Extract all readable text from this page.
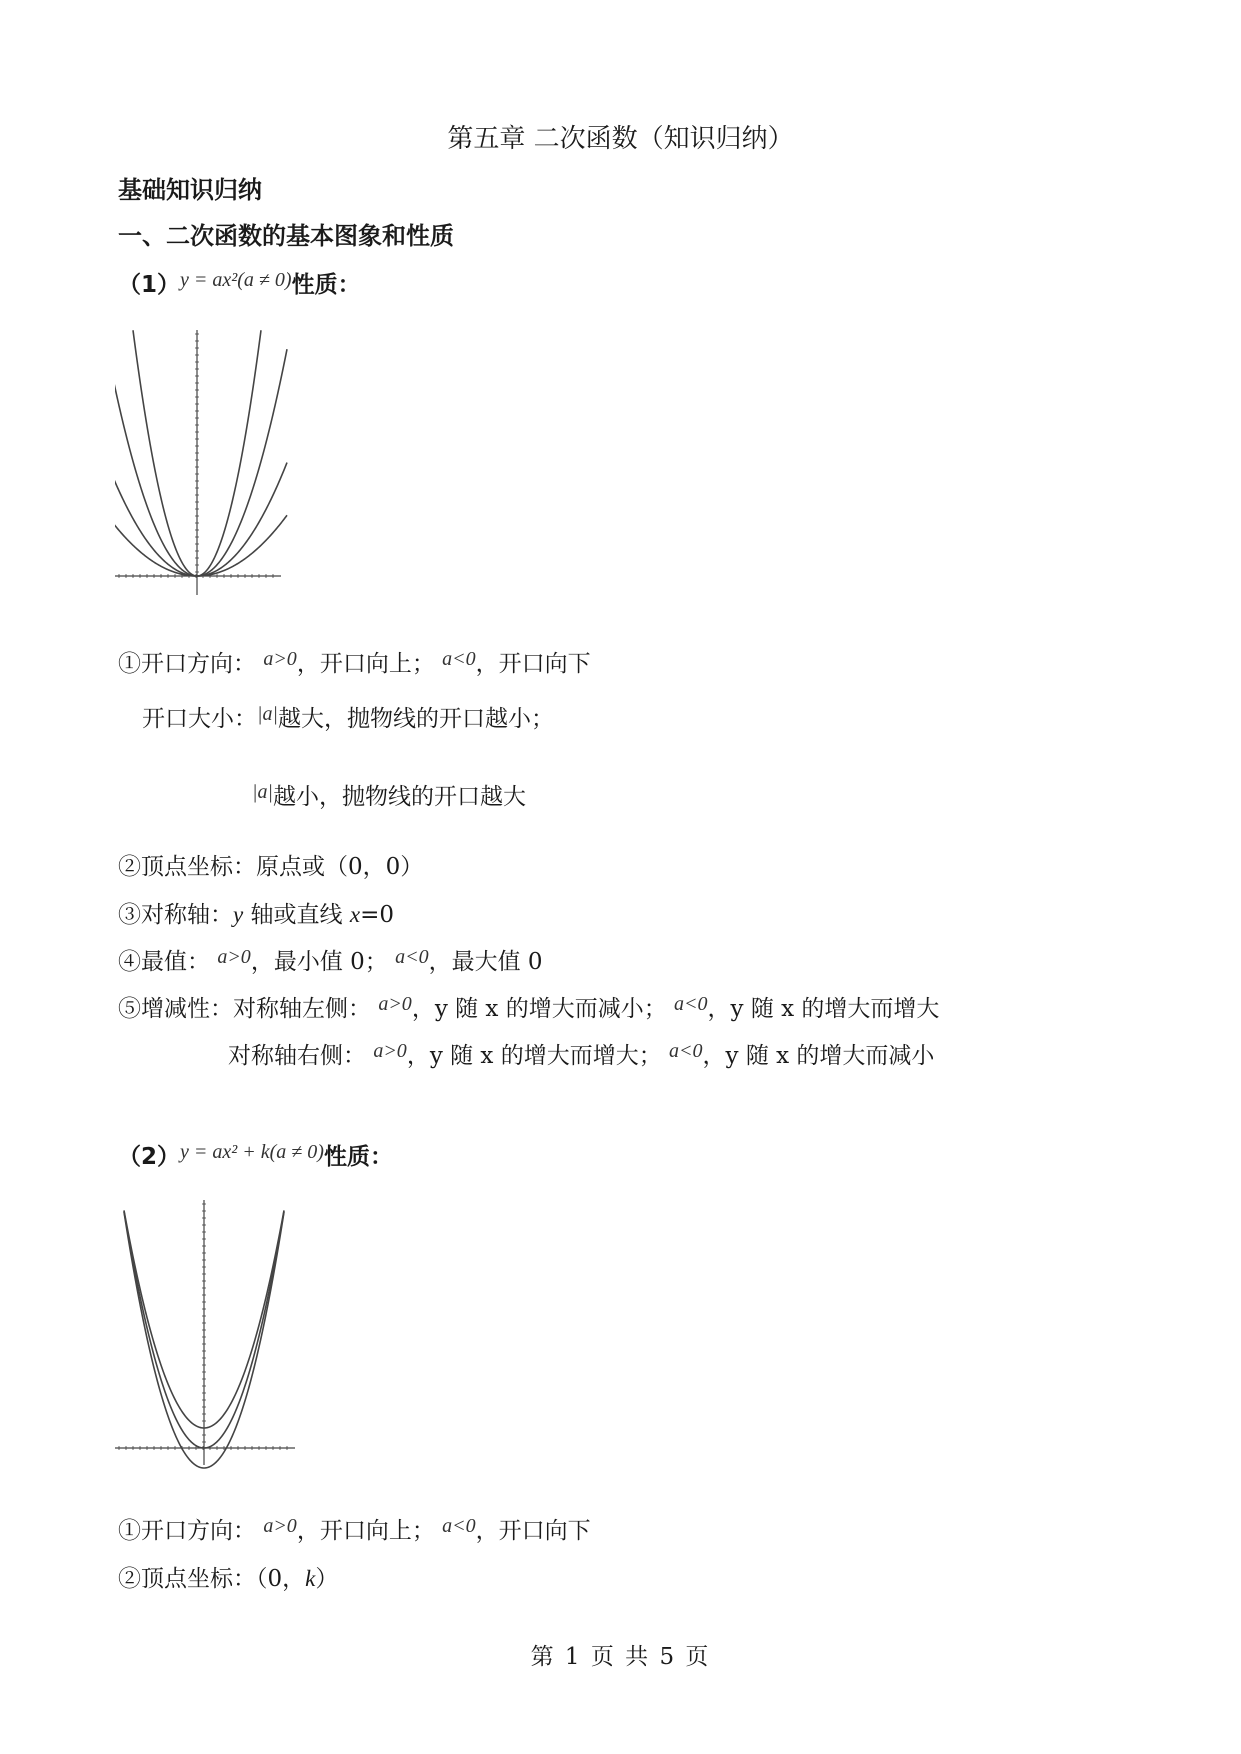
第五章 二次函数（知识归纳）
基础知识归纳
一、二次函数的基本图象和性质
（1）y = ax²(a ≠ 0)性质：
①开口方向： a>0，开口向上； a<0，开口向下
开口大小：|a|越大，抛物线的开口越小；
|a|越小，抛物线的开口越大
②顶点坐标：原点或（0，0）
③对称轴：y 轴或直线 x=0
④最值： a>0，最小值 0； a<0，最大值 0
⑤增减性：对称轴左侧： a>0，y 随 x 的增大而减小； a<0，y 随 x 的增大而增大
对称轴右侧： a>0，y 随 x 的增大而增大； a<0，y 随 x 的增大而减小
（2）y = ax² + k(a ≠ 0)性质：
①开口方向： a>0，开口向上； a<0，开口向下
②顶点坐标：（0，k）
第 1 页 共 5 页
